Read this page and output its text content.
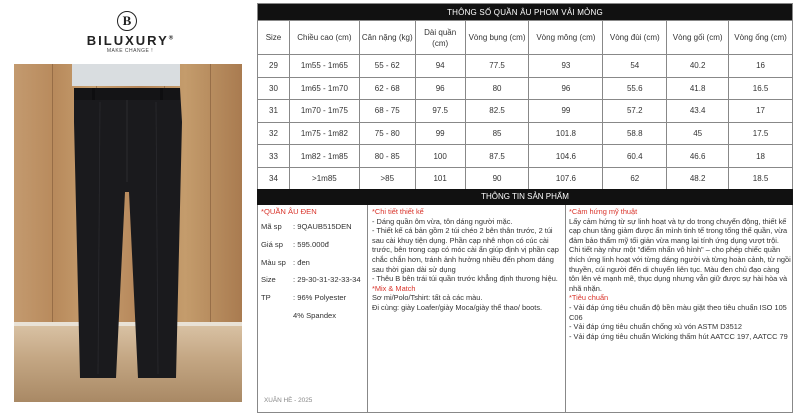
B
BILUXURY®
MAKE CHANGE !
THÔNG SỐ QUẦN ÂU PHOM VẢI MỎNG								
Size	Chiều cao (cm)	Cân nặng (kg)	Dài quần (cm)	Vòng bụng (cm)	Vòng mông (cm)	Vòng đùi (cm)	Vòng gối (cm)	Vòng ống (cm)
29	1m55 - 1m65	55 - 62	94	77.5	93	54	40.2	16
30	1m65 - 1m70	62 - 68	96	80	96	55.6	41.8	16.5
31	1m70 - 1m75	68 - 75	97.5	82.5	99	57.2	43.4	17
32	1m75 - 1m82	75 - 80	99	85	101.8	58.8	45	17.5
33	1m82 - 1m85	80 - 85	100	87.5	104.6	60.4	46.6	18
34	>1m85	>85	101	90	107.6	62	48.2	18.5
THÔNG TIN SẢN PHẨM
*QUẦN ÂU ĐEN
Mã sp	: 9QAUB515DEN
Giá sp	: 595.000đ
Màu sp : đen
Size	: 29-30-31-32-33-34
TP	: 96% Polyester
4% Spandex
XUÂN HÈ - 2025
*Chi tiết thiết kế
- Dáng quần ôm vừa, tôn dáng người mặc.
- Thiết kế cá bản gồm 2 túi chéo 2 bên thân trước, 2 túi sau cài khuy tiện dụng. Phần cạp nhê nhọn có cúc cài trước, bên trong cạp có móc cài ẩn giúp định vị phần cạp chắc chắn hơn, tránh ảnh hưởng nhiều đến phom dáng sau thời gian dài sử dụng
- Thêu B bên trái túi quần trước khẳng định thương hiệu.
*Mix & Match
Sơ mi/Polo/Tshirt: tất cả các màu.
Đi cùng: giày Loafer/giày Moca/giày thể thao/ boots.
*Cảm hứng mỹ thuật
Lấy cảm hứng từ sự linh hoạt và tự do trong chuyển động, thiết kế cạp chun tăng giảm được ẩn mình tinh tế trong tổng thể quần, vừa đảm bảo thẩm mỹ tối giản vừa mang lại tính ứng dụng vượt trội. Chi tiết này như một "điểm nhấn vô hình" – cho phép chiếc quần thích ứng linh hoạt với từng dáng người và từng hoàn cảnh, từ ngồi thuyền, cúi người đến di chuyển liên tục. Màu đen chủ đạo càng tôn lên vẻ mạnh mẽ, thục dụng nhưng vẫn giữ được sự hài hòa và nhã nhặn.
*Tiêu chuẩn
- Vải đáp ứng tiêu chuẩn độ bền màu giặt theo tiêu chuẩn ISO 105 C06
- Vải đáp ứng tiêu chuẩn chống xù vón ASTM D3512
- Vải đáp ứng tiêu chuẩn Wicking thấm hút AATCC 197, AATCC 79
